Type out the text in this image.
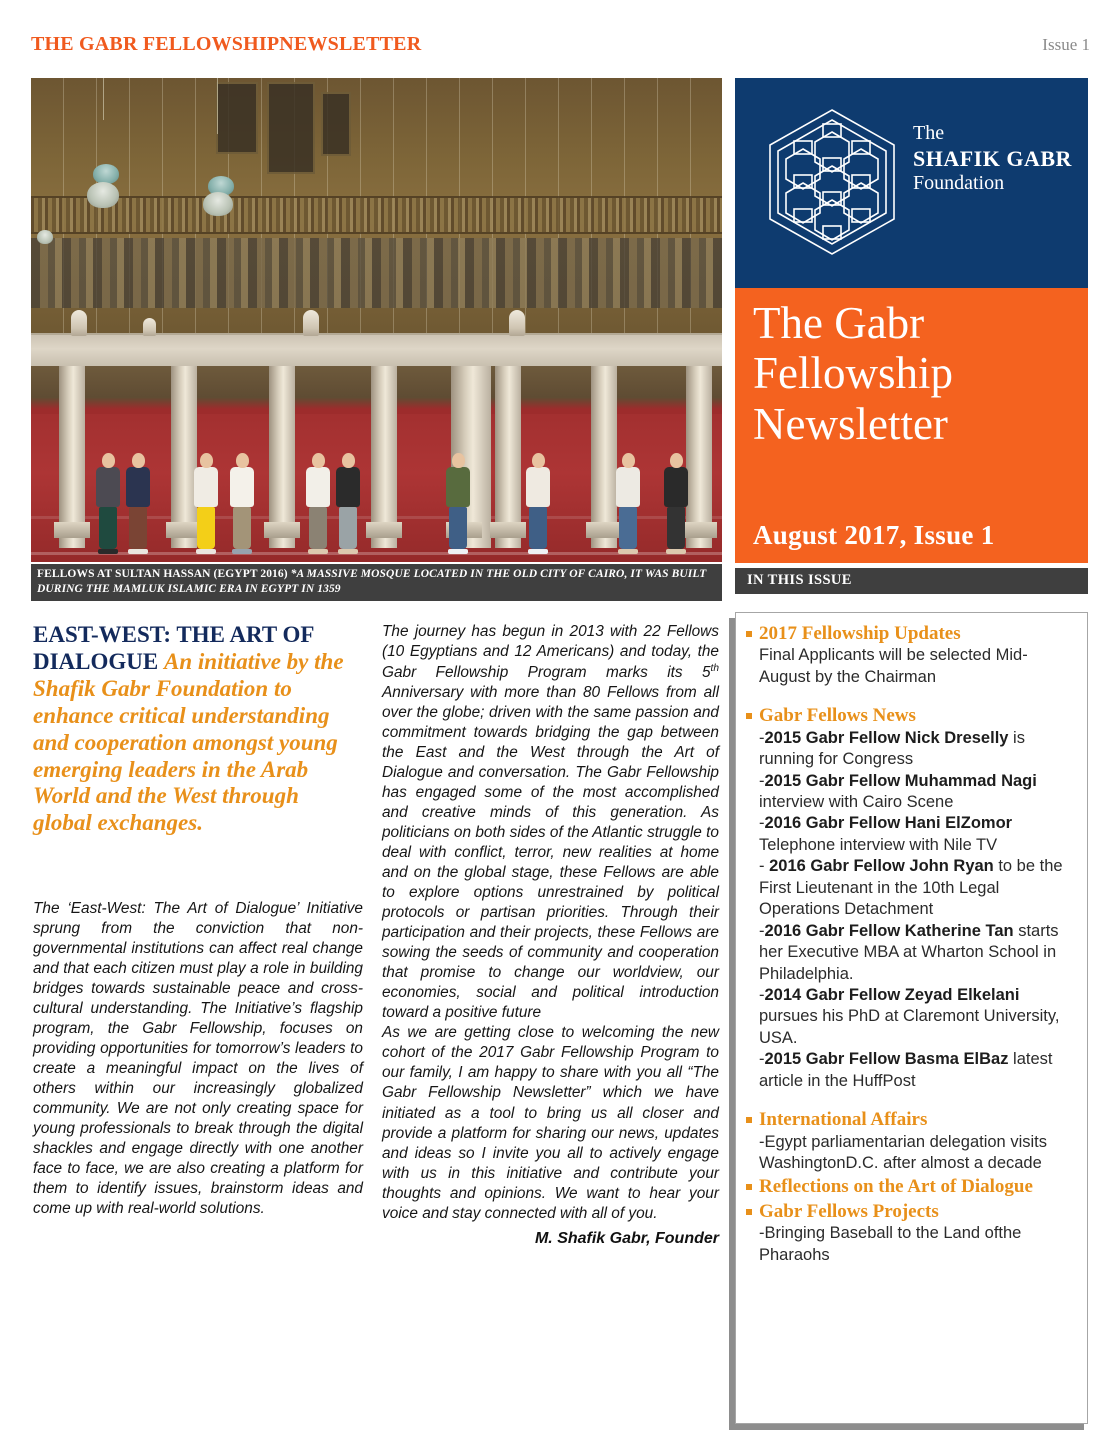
THE GABR FELLOWSHIPNEWSLETTER	Issue 1
FELLOWS AT SULTAN HASSAN (EGYPT 2016) *A MASSIVE MOSQUE LOCATED IN THE OLD CITY OF CAIRO, IT WAS BUILT DURING THE MAMLUK ISLAMIC ERA IN EGYPT IN 1359
The
SHAFIK GABR
Foundation
The Gabr Fellowship Newsletter
August 2017, Issue 1
IN THIS ISSUE
2017 Fellowship Updates
Final Applicants will be selected Mid-August by the Chairman
Gabr Fellows News
-2015 Gabr Fellow Nick Dreselly is running for Congress
-2015 Gabr Fellow Muhammad Nagi interview with Cairo Scene
-2016 Gabr Fellow Hani ElZomor Telephone interview with Nile TV
- 2016 Gabr Fellow John Ryan to be the First Lieutenant in the 10th Legal Operations Detachment
-2016 Gabr Fellow Katherine Tan starts her Executive MBA at Wharton School in Philadelphia.
-2014 Gabr Fellow Zeyad Elkelani pursues his PhD at Claremont University, USA.
-2015 Gabr Fellow Basma ElBaz latest article in the HuffPost
International Affairs
-Egypt parliamentarian delegation visits WashingtonD.C. after almost a decade
Reflections on the Art of Dialogue
Gabr Fellows Projects
-Bringing Baseball to the Land ofthe Pharaohs
EAST-WEST: THE ART OF DIALOGUE An initiative by the Shafik Gabr Foundation to enhance critical understanding and cooperation amongst young emerging leaders in the Arab World and the West through global exchanges.

The ‘East-West: The Art of Dialogue’ Initiative sprung from the conviction that non-governmental institutions can affect real change and that each citizen must play a role in building bridges towards sustainable peace and cross-cultural understanding. The Initiative’s flagship program, the Gabr Fellowship, focuses on providing opportunities for tomorrow’s leaders to create a meaningful impact on the lives of others within our increasingly globalized community. We are not only creating space for young professionals to break through the digital shackles and engage directly with one another face to face, we are also creating a platform for them to identify issues, brainstorm ideas and come up with real-world solutions.

The journey has begun in 2013 with 22 Fellows (10 Egyptians and 12 Americans) and today, the Gabr Fellowship Program marks its 5th Anniversary with more than 80 Fellows from all over the globe; driven with the same passion and commitment towards bridging the gap between the East and the West through the Art of Dialogue and conversation. The Gabr Fellowship has engaged some of the most accomplished and creative minds of this generation. As politicians on both sides of the Atlantic struggle to deal with conflict, terror, new realities at home and on the global stage, these Fellows are able to explore options unrestrained by political protocols or partisan priorities. Through their participation and their projects, these Fellows are sowing the seeds of community and cooperation that promise to change our worldview, our economies, social and political introduction toward a positive future

As we are getting close to welcoming the new cohort of the 2017 Gabr Fellowship Program to our family, I am happy to share with you all “The Gabr Fellowship Newsletter” which we have initiated as a tool to bring us all closer and provide a platform for sharing our news, updates and ideas so I invite you all to actively engage with us in this initiative and contribute your thoughts and opinions. We want to hear your voice and stay connected with all of you.

M. Shafik Gabr, Founder
